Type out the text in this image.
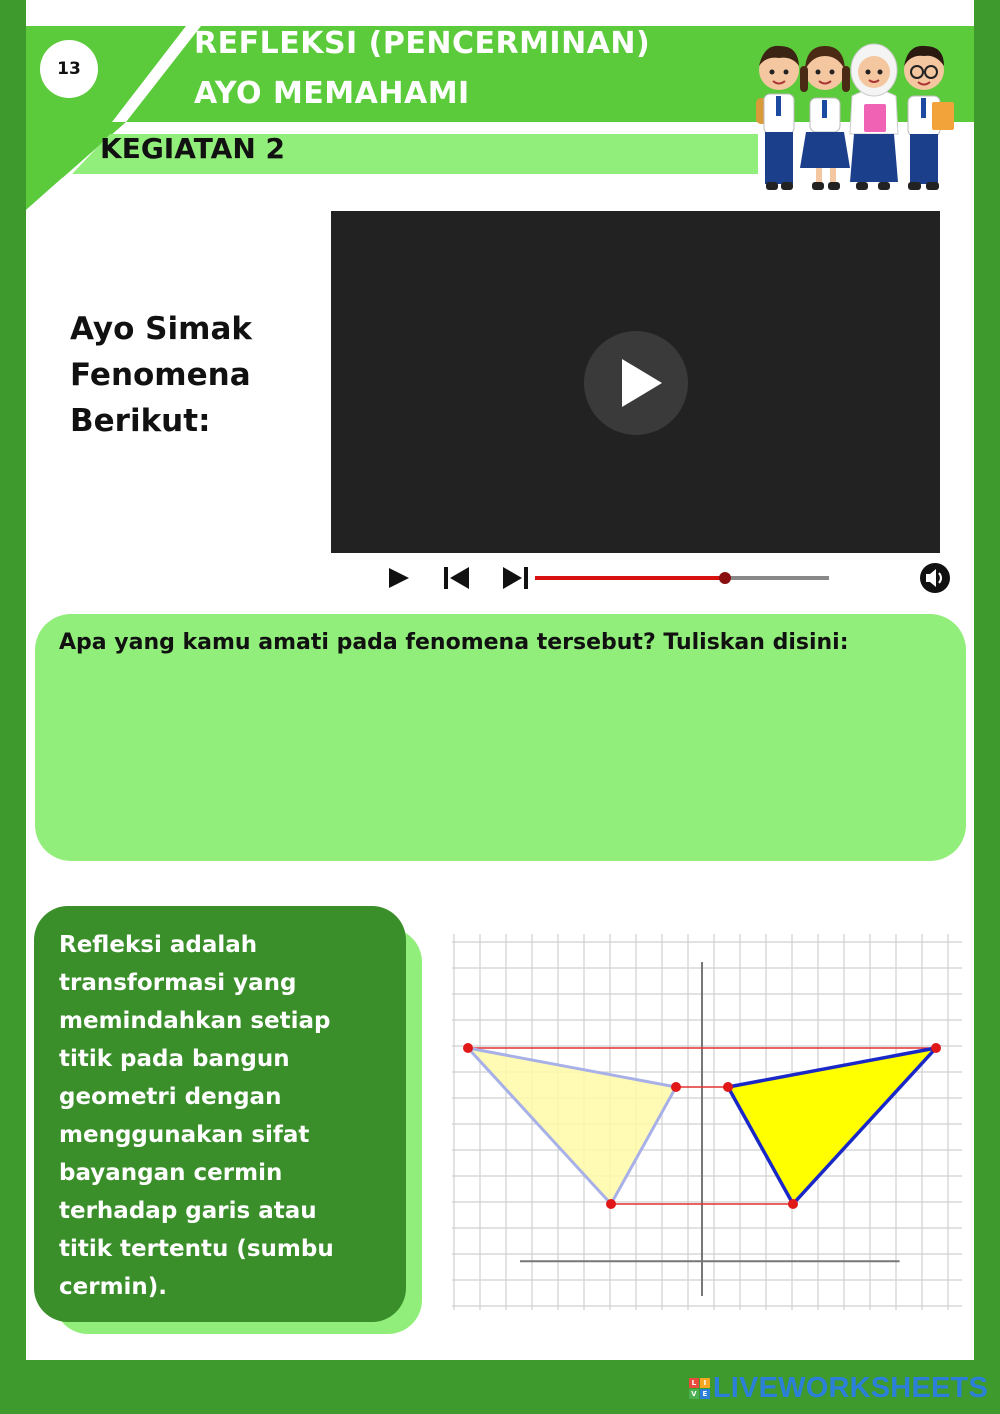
13
REFLEKSI (PENCERMINAN)
AYO MEMAHAMI
KEGIATAN 2
Ayo Simak
Fenomena
Berikut:
Apa yang kamu amati pada fenomena tersebut? Tuliskan disini:
Refleksi adalah
transformasi yang
memindahkan setiap
titik pada bangun
geometri dengan
menggunakan sifat
bayangan cermin
terhadap garis atau
titik tertentu (sumbu
cermin).
L	I
V E LIVEWORKSHEETS
